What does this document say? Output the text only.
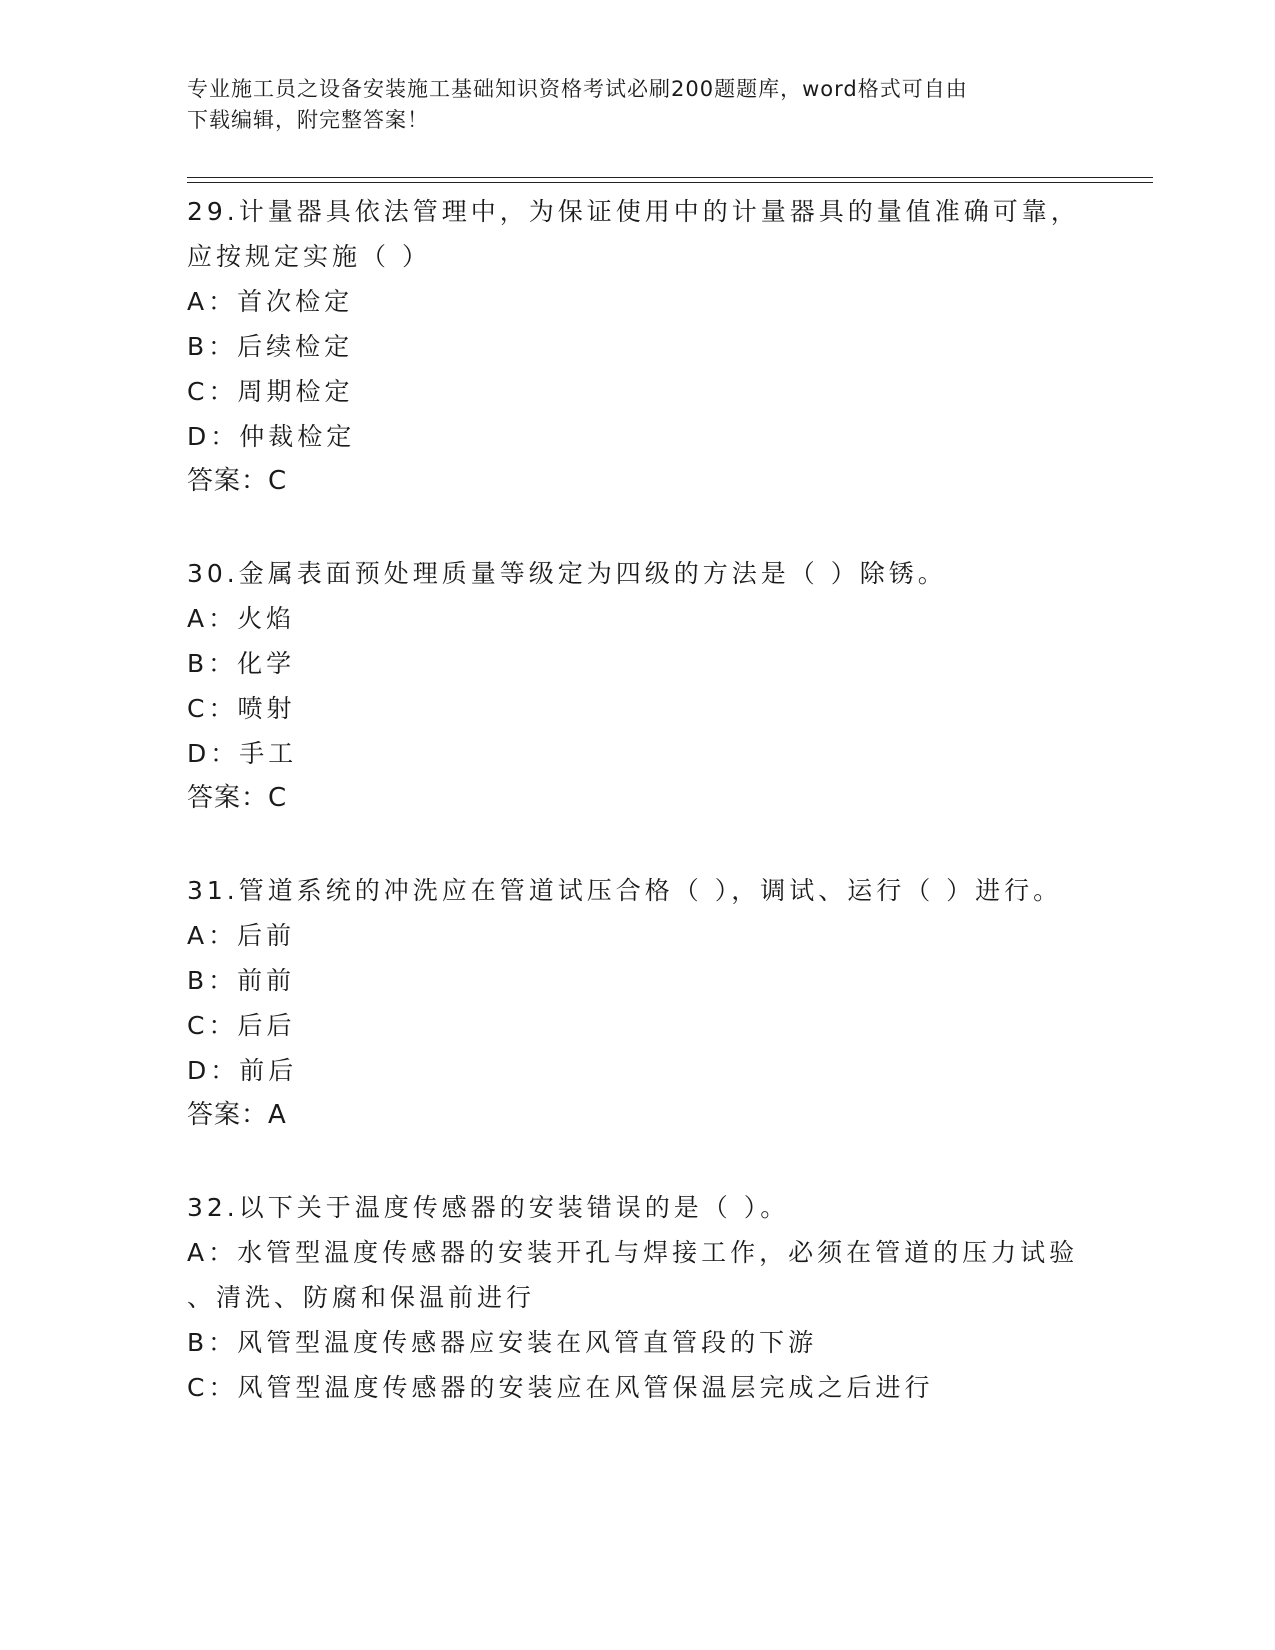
专业施工员之设备安装施工基础知识资格考试必刷200题题库，word格式可自由
下载编辑，附完整答案！
29.计量器具依法管理中，为保证使用中的计量器具的量值准确可靠，
应按规定实施（ ）
A：首次检定
B：后续检定
C：周期检定
D：仲裁检定
答案：C
30.金属表面预处理质量等级定为四级的方法是（ ）除锈。
A：火焰
B：化学
C：喷射
D：手工
答案：C
31.管道系统的冲洗应在管道试压合格（ ），调试、运行（ ）进行。
A：后前
B：前前
C：后后
D：前后
答案：A
32.以下关于温度传感器的安装错误的是（ ）。
A：水管型温度传感器的安装开孔与焊接工作，必须在管道的压力试验
、清洗、防腐和保温前进行
B：风管型温度传感器应安装在风管直管段的下游
C：风管型温度传感器的安装应在风管保温层完成之后进行
